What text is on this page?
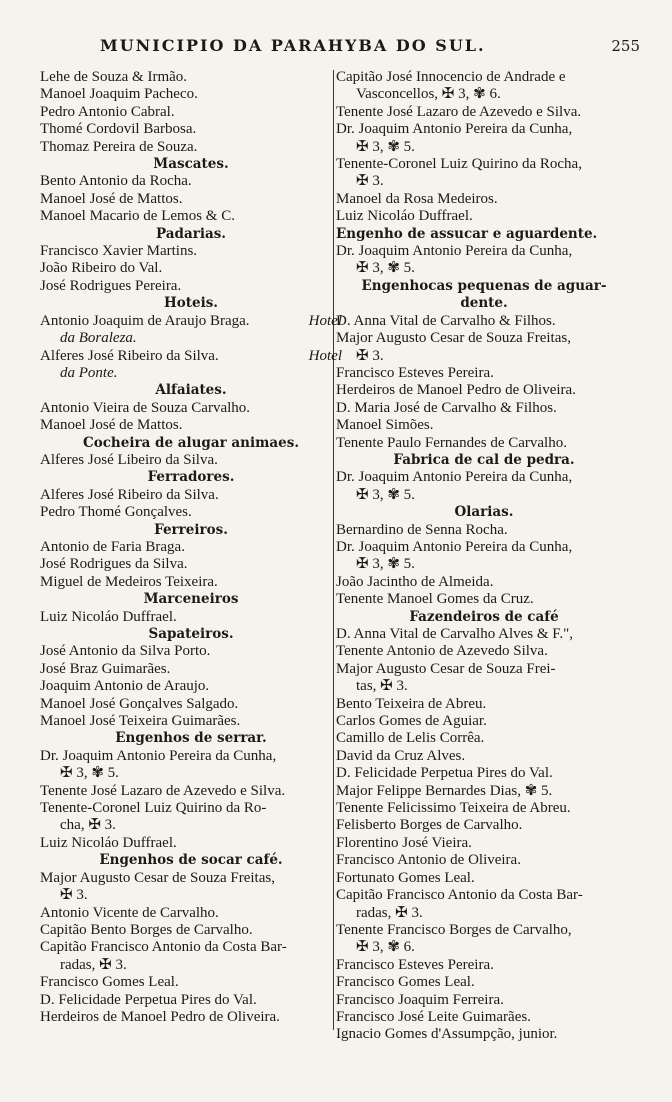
MUNICIPIO DA PARAHYBA DO SUL.	255
Lehe de Souza & Irmão.
Manoel Joaquim Pacheco.
Pedro Antonio Cabral.
Thomé Cordovil Barbosa.
Thomaz Pereira de Souza.
Mascates.
Bento Antonio da Rocha.
Manoel José de Mattos.
Manoel Macario de Lemos & C.
Padarias.
Francisco Xavier Martins.
João Ribeiro do Val.
José Rodrigues Pereira.
Hoteis.
Antonio Joaquim de Araujo Braga.	Hotel
da Boraleza.
Alferes José Ribeiro da Silva.	Hotel
da Ponte.
Alfaiates.
Antonio Vieira de Souza Carvalho.
Manoel José de Mattos.
Cocheira de alugar animaes.
Alferes José Libeiro da Silva.
Ferradores.
Alferes José Ribeiro da Silva.
Pedro Thomé Gonçalves.
Ferreiros.
Antonio de Faria Braga.
José Rodrigues da Silva.
Miguel de Medeiros Teixeira.
Marceneiros
Luiz Nicoláo Duffrael.
Sapateiros.
José Antonio da Silva Porto.
José Braz Guimarães.
Joaquim Antonio de Araujo.
Manoel José Gonçalves Salgado.
Manoel José Teixeira Guimarães.
Engenhos de serrar.
Dr. Joaquim Antonio Pereira da Cunha,
✠ 3, ✾ 5.
Tenente José Lazaro de Azevedo e Silva.
Tenente-Coronel Luiz Quirino da Ro-
cha, ✠ 3.
Luiz Nicoláo Duffrael.
Engenhos de socar café.
Major Augusto Cesar de Souza Freitas,
✠ 3.
Antonio Vicente de Carvalho.
Capitão Bento Borges de Carvalho.
Capitão Francisco Antonio da Costa Bar-
radas, ✠ 3.
Francisco Gomes Leal.
D. Felicidade Perpetua Pires do Val.
Herdeiros de Manoel Pedro de Oliveira.
Capitão José Innocencio de Andrade e
Vasconcellos, ✠ 3, ✾ 6.
Tenente José Lazaro de Azevedo e Silva.
Dr. Joaquim Antonio Pereira da Cunha,
✠ 3, ✾ 5.
Tenente-Coronel Luiz Quirino da Rocha,
✠ 3.
Manoel da Rosa Medeiros.
Luiz Nicoláo Duffrael.
Engenho de assucar e aguardente.
Dr. Joaquim Antonio Pereira da Cunha,
✠ 3, ✾ 5.
Engenhocas pequenas de aguar-
dente.
D. Anna Vital de Carvalho & Filhos.
Major Augusto Cesar de Souza Freitas,
✠ 3.
Francisco Esteves Pereira.
Herdeiros de Manoel Pedro de Oliveira.
D. Maria José de Carvalho & Filhos.
Manoel Simões.
Tenente Paulo Fernandes de Carvalho.
Fabrica de cal de pedra.
Dr. Joaquim Antonio Pereira da Cunha,
✠ 3, ✾ 5.
Olarias.
Bernardino de Senna Rocha.
Dr. Joaquim Antonio Pereira da Cunha,
✠ 3, ✾ 5.
João Jacintho de Almeida.
Tenente Manoel Gomes da Cruz.
Fazendeiros de café
D. Anna Vital de Carvalho Alves & F.",
Tenente Antonio de Azevedo Silva.
Major Augusto Cesar de Souza Frei-
tas, ✠ 3.
Bento Teixeira de Abreu.
Carlos Gomes de Aguiar.
Camillo de Lelis Corrêa.
David da Cruz Alves.
D. Felicidade Perpetua Pires do Val.
Major Felippe Bernardes Dias, ✾ 5.
Tenente Felicissimo Teixeira de Abreu.
Felisberto Borges de Carvalho.
Florentino José Vieira.
Francisco Antonio de Oliveira.
Fortunato Gomes Leal.
Capitão Francisco Antonio da Costa Bar-
radas, ✠ 3.
Tenente Francisco Borges de Carvalho,
✠ 3, ✾ 6.
Francisco Esteves Pereira.
Francisco Gomes Leal.
Francisco Joaquim Ferreira.
Francisco José Leite Guimarães.
Ignacio Gomes d'Assumpção, junior.
